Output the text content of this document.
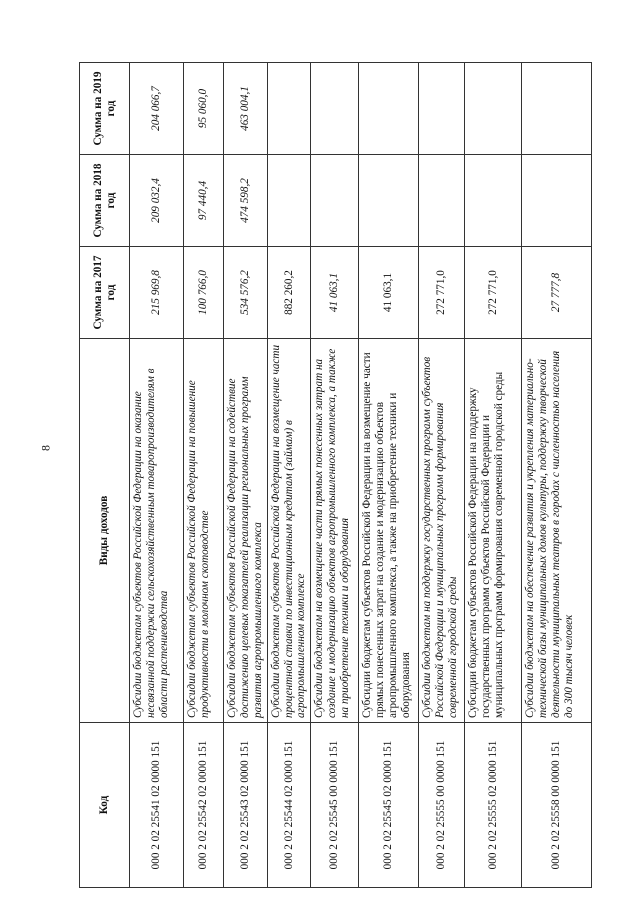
8
Код	Виды доходов	Сумма на 2017 год	Сумма на 2018 год	Сумма на 2019 год
000 2 02 25541 02 0000 151	Субсидии бюджетам субъектов Российской Федерации на оказание несвязанной поддержки сельскохозяйственным товаропроизводителям в области растениеводства	215 969,8	209 032,4	204 066,7
000 2 02 25542 02 0000 151	Субсидии бюджетам субъектов Российской Федерации на повышение продуктивности в молочном скотоводстве	100 766,0	97 440,4	95 060,0
000 2 02 25543 02 0000 151	Субсидии бюджетам субъектов Российской Федерации на содействие достижению целевых показателей реализации региональных программ развития агропромышленного комплекса	534 576,2	474 598,2	463 004,1
000 2 02 25544 02 0000 151	Субсидии бюджетам субъектов Российской Федерации на возмещение части процентной ставки по инвестиционным кредитам (займам) в агропромышленном комплексе	882 260,2		
000 2 02 25545 00 0000 151	Субсидии бюджетам на возмещение части прямых понесенных затрат на создание и модернизацию объектов агропромышленного комплекса, а также на приобретение техники и оборудования	41 063,1		
000 2 02 25545 02 0000 151	Субсидии бюджетам субъектов Российской Федерации на возмещение части прямых понесенных затрат на создание и модернизацию объектов агропромышленного комплекса, а также на приобретение техники и оборудования	41 063,1		
000 2 02 25555 00 0000 151	Субсидии бюджетам на поддержку государственных программ субъектов Российской Федерации и муниципальных программ формирования современной городской среды	272 771,0		
000 2 02 25555 02 0000 151	Субсидии бюджетам субъектов Российской Федерации на поддержку государственных программ субъектов Российской Федерации и муниципальных программ формирования современной городской среды	272 771,0		
000 2 02 25558 00 0000 151	Субсидии бюджетам на обеспечение развития и укрепления материально-технической базы муниципальных домов культуры, поддержку творческой деятельности муниципальных театров в городах с численностью населения до 300 тысяч человек	27 777,8		
